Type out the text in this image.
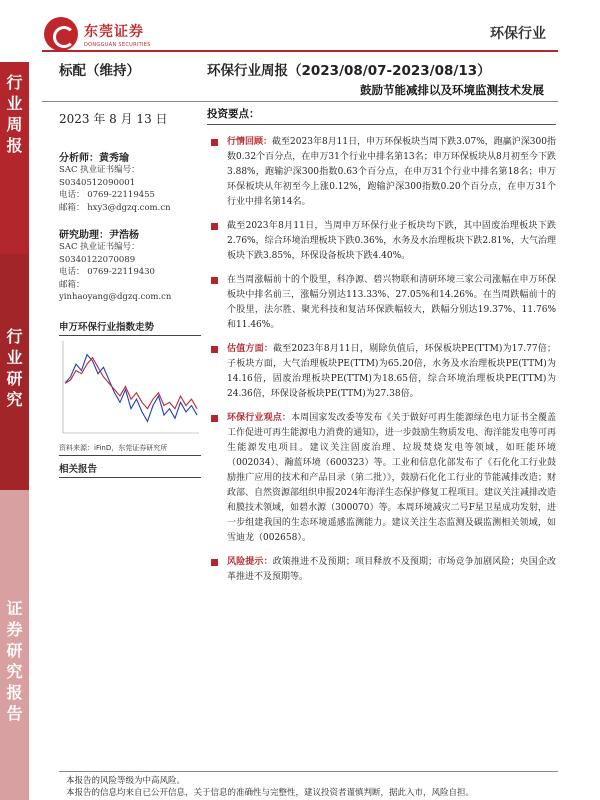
行
业
周
报
行
业
研
究
证
券
研
究
报
告
东莞证券
DONGGUAN SECURITIES
环保行业
标配（维持）	环保行业周报（2023/08/07-2023/08/13）
鼓励节能减排以及环境监测技术发展
2023 年 8 月 13 日
分析师：黄秀瑜
SAC 执业证书编号：
S0340512090001
电话： 0769-22119455
邮箱： hxy3@dgzq.com.cn
研究助理：尹浩杨
SAC 执业证书编号：
S0340122070089
电话： 0769-22119430
邮箱：
yinhaoyang@dgzq.com.cn
申万环保行业指数走势
资料来源：iFinD，东莞证券研究所
相关报告
投资要点：
行情回顾：截至2023年8月11日，申万环保板块当周下跌3.07%，跑赢沪深300指数0.32个百分点，在申万31个行业中排名第13名；申万环保板块从8月初至今下跌3.88%，跑输沪深300指数0.63个百分点，在申万31个行业中排名第18名；申万环保板块从年初至今上涨0.12%，跑输沪深300指数0.20个百分点，在申万31个行业中排名第14名。
截至2023年8月11日，当周申万环保行业子板块均下跌，其中固废治理板块下跌2.76%，综合环境治理板块下跌0.36%，水务及水治理板块下跌2.81%，大气治理板块下跌3.85%，环保设备板块下跌4.40%。
在当周涨幅前十的个股里，科净源、碧兴物联和清研环境三家公司涨幅在申万环保板块中排名前三，涨幅分别达113.33%、27.05%和14.26%。在当周跌幅前十的个股里，法尔胜、聚光科技和复洁环保跌幅较大，跌幅分别达19.37%、11.76%和11.46%。
估值方面：截至2023年8月11日，剔除负值后，环保板块PE(TTM)为17.77倍；子板块方面，大气治理板块PE(TTM)为65.20倍，水务及水治理板块PE(TTM)为14.16倍，固废治理板块PE(TTM)为18.65倍，综合环境治理板块PE(TTM)为24.36倍，环保设备板块PE(TTM)为27.38倍。
环保行业观点：本周国家发改委等发布《关于做好可再生能源绿色电力证书全覆盖工作促进可再生能源电力消费的通知》，进一步鼓励生物质发电、海洋能发电等可再生能源发电项目。建议关注固废治理、垃圾焚烧发电等领域，如旺能环境（002034）、瀚蓝环境（600323）等。工业和信息化部发布了《石化化工行业鼓励推广应用的技术和产品目录（第二批）》，鼓励石化化工行业的节能减排改造；财政部、自然资源部组织申报2024年海洋生态保护修复工程项目。建议关注减排改造和膜技术领域，如碧水源（300070）等。本周环境减灾二号F星卫星成功发射，进一步组建我国的生态环境遥感监测能力。建议关注生态监测及碳监测相关领域，如雪迪龙（002658）。
风险提示：政策推进不及预期；项目释放不及预期；市场竞争加剧风险；央国企改革推进不及预期等。
本报告的风险等级为中高风险。
本报告的信息均来自已公开信息，关于信息的准确性与完整性，建议投资者谨慎判断，据此入市，风险自担。
